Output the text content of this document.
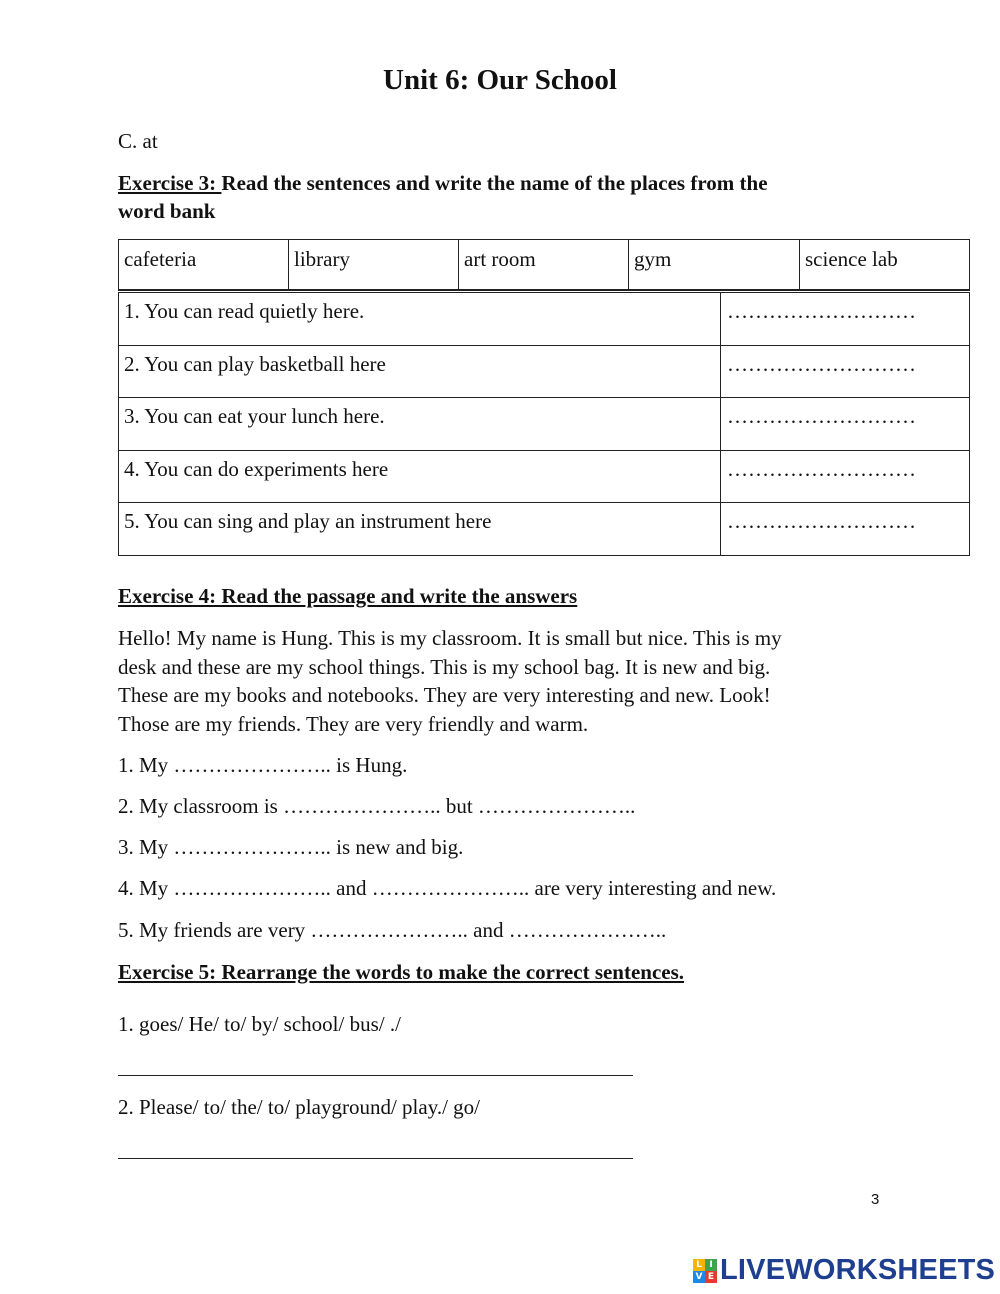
Unit 6: Our School
C. at
Exercise 3: Read the sentences and write the name of the places from the
word bank
cafeteria	library	art room	gym	science lab
1. You can read quietly here.	………………………
2. You can play basketball here	………………………
3. You can eat your lunch here.	………………………
4. You can do experiments here	………………………
5. You can sing and play an instrument here	………………………
Exercise 4: Read the passage and write the answers
Hello! My name is Hung. This is my classroom. It is small but nice. This is my
desk and these are my school things. This is my school bag. It is new and big.
These are my books and notebooks. They are very interesting and new. Look!
Those are my friends. They are very friendly and warm.
1. My ………………….. is Hung.
2. My classroom is ………………….. but …………………..
3. My ………………….. is new and big.
4. My ………………….. and ………………….. are very interesting and new.
5. My friends are very ………………….. and …………………..
Exercise 5: Rearrange the words to make the correct sentences.
1. goes/ He/ to/ by/ school/ bus/ ./
2. Please/ to/ the/ to/ playground/ play./ go/
3
L I
V E LIVEWORKSHEETS
